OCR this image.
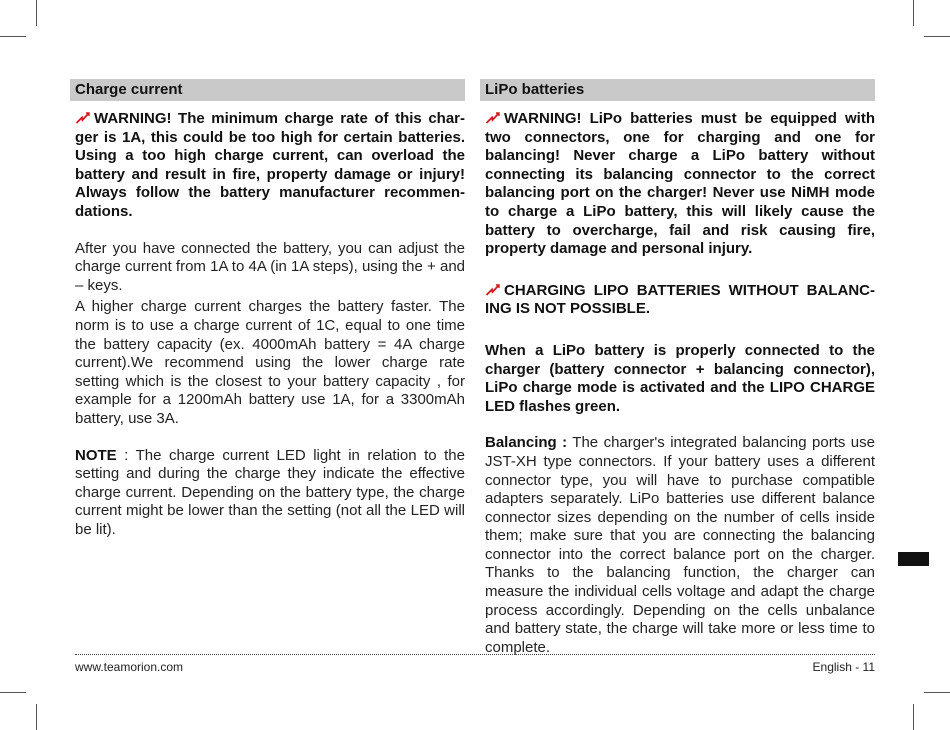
Charge current

WARNING! The minimum charge rate of this char-ger is 1A, this could be too high for certain batteries. Using a too high charge current, can overload the battery and result in fire, property damage or injury! Always follow the battery manufacturer recommen-dations.

After you have connected the battery, you can adjust the charge current from 1A to 4A (in 1A steps), using the + and – keys.

A higher charge current charges the battery faster. The norm is to use a charge current of 1C, equal to one time the battery capacity (ex. 4000mAh battery = 4A charge current).We recommend using the lower charge rate setting which is the closest to your battery capacity , for example for a 1200mAh battery use 1A, for a 3300mAh battery, use 3A.

NOTE : The charge current LED light in relation to the setting and during the charge they indicate the effective charge current. Depending on the battery type, the charge current might be lower than the setting (not all the LED will be lit).

LiPo batteries

WARNING! LiPo batteries must be equipped with two connectors, one for charging and one for balancing! Never charge a LiPo battery without connecting its balancing connector to the correct balancing port on the charger! Never use NiMH mode to charge a LiPo battery, this will likely cause the battery to overcharge, fail and risk causing fire, property damage and personal injury.

CHARGING LIPO BATTERIES WITHOUT BALANC-ING IS NOT POSSIBLE.

When a LiPo battery is properly connected to the charger (battery connector + balancing connector), LiPo charge mode is activated and the LIPO CHARGE LED flashes green.

Balancing : The charger's integrated balancing ports use JST-XH type connectors. If your battery uses a different connector type, you will have to purchase compatible adapters separately. LiPo batteries use different balance connector sizes depending on the number of cells inside them; make sure that you are connecting the balancing connector into the correct balance port on the charger. Thanks to the balancing function, the charger can measure the individual cells voltage and adapt the charge process accordingly. Depending on the cells unbalance and battery state, the charge will take more or less time to complete.

www.teamorion.com	English - 11
